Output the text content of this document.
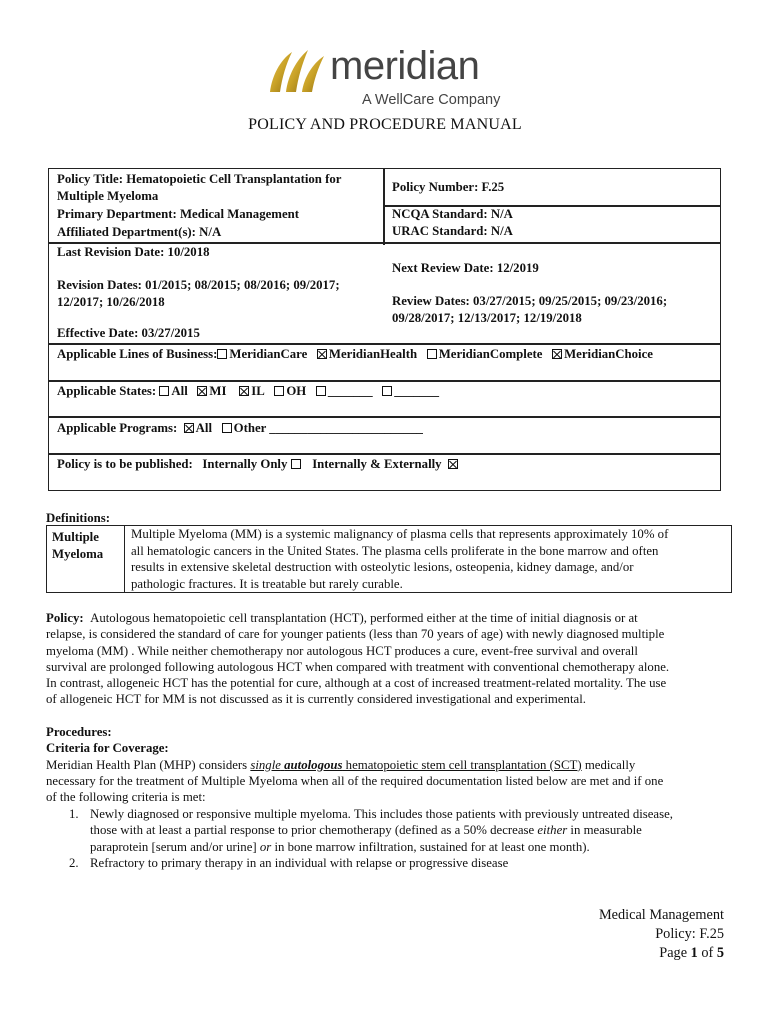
meridian
A WellCare Company
POLICY AND PROCEDURE MANUAL
Policy Title: Hematopoietic Cell Transplantation for Multiple Myeloma
Policy Number: F.25
Primary Department: Medical Management	NCQA Standard: N/A
Affiliated Department(s): N/A	URAC Standard: N/A
Last Revision Date: 10/2018
Next Review Date: 12/2019
Revision Dates: 01/2015; 08/2015; 08/2016; 09/2017; 12/2017; 10/26/2018	Review Dates: 03/27/2015; 09/25/2015; 09/23/2016; 09/28/2017; 12/13/2017; 12/19/2018
Effective Date: 03/27/2015
Applicable Lines of Business: MeridianCare MeridianHealth MeridianComplete MeridianChoice
Applicable States: All MI IL OH _______ _______
Applicable Programs: All Other ________________________
Policy is to be published: Internally Only Internally & Externally
Definitions:
Multiple
Myeloma
Multiple Myeloma (MM) is a systemic malignancy of plasma cells that represents approximately 10% of
all hematologic cancers in the United States. The plasma cells proliferate in the bone marrow and often
results in extensive skeletal destruction with osteolytic lesions, osteopenia, kidney damage, and/or
pathologic fractures. It is treatable but rarely curable.
Policy: Autologous hematopoietic cell transplantation (HCT), performed either at the time of initial diagnosis or at
relapse, is considered the standard of care for younger patients (less than 70 years of age) with newly diagnosed multiple
myeloma (MM) . While neither chemotherapy nor autologous HCT produces a cure, event-free survival and overall
survival are prolonged following autologous HCT when compared with treatment with conventional chemotherapy alone.
In contrast, allogeneic HCT has the potential for cure, although at a cost of increased treatment-related mortality. The use
of allogeneic HCT for MM is not discussed as it is currently considered investigational and experimental.
Procedures:
Criteria for Coverage:
Meridian Health Plan (MHP) considers single autologous hematopoietic stem cell transplantation (SCT) medically
necessary for the treatment of Multiple Myeloma when all of the required documentation listed below are met and if one
of the following criteria is met:
1. Newly diagnosed or responsive multiple myeloma. This includes those patients with previously untreated disease,
those with at least a partial response to prior chemotherapy (defined as a 50% decrease either in measurable
paraprotein [serum and/or urine] or in bone marrow infiltration, sustained for at least one month).
2. Refractory to primary therapy in an individual with relapse or progressive disease
Medical Management
Policy: F.25
Page 1 of 5
